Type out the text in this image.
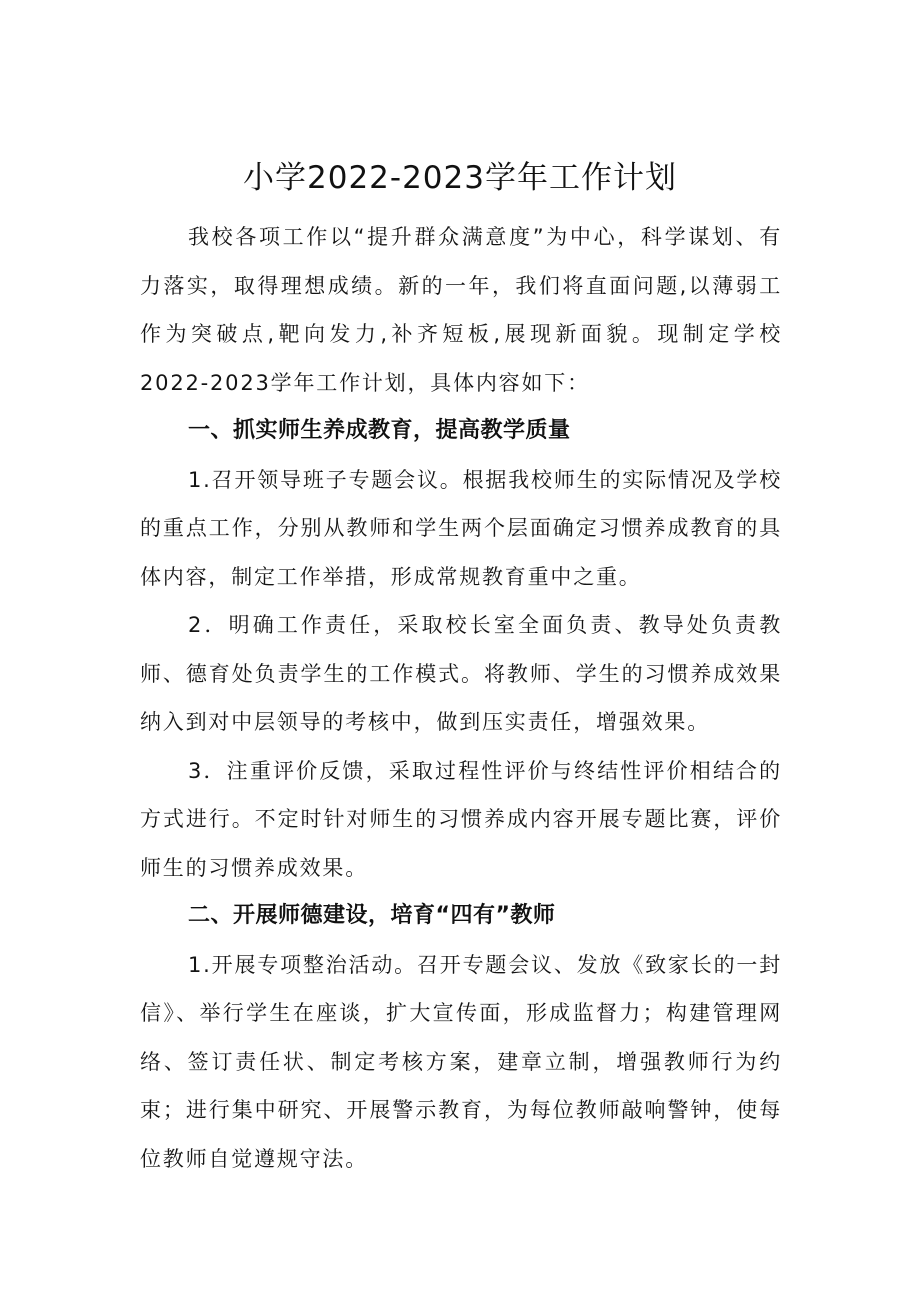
小学2022-2023学年工作计划

我校各项工作以“提升群众满意度”为中心，科学谋划、有力落实，取得理想成绩。新的一年，我们将直面问题,以薄弱工作为突破点,靶向发力,补齐短板,展现新面貌。现制定学校2022-2023学年工作计划，具体内容如下：

一、抓实师生养成教育，提高教学质量

1.召开领导班子专题会议。根据我校师生的实际情况及学校的重点工作，分别从教师和学生两个层面确定习惯养成教育的具体内容，制定工作举措，形成常规教育重中之重。

2．明确工作责任，采取校长室全面负责、教导处负责教师、德育处负责学生的工作模式。将教师、学生的习惯养成效果纳入到对中层领导的考核中，做到压实责任，增强效果。

3．注重评价反馈，采取过程性评价与终结性评价相结合的方式进行。不定时针对师生的习惯养成内容开展专题比赛，评价师生的习惯养成效果。

二、开展师德建设，培育“四有”教师

1.开展专项整治活动。召开专题会议、发放《致家长的一封信》、举行学生在座谈，扩大宣传面，形成监督力；构建管理网络、签订责任状、制定考核方案，建章立制，增强教师行为约束；进行集中研究、开展警示教育，为每位教师敲响警钟，使每位教师自觉遵规守法。
